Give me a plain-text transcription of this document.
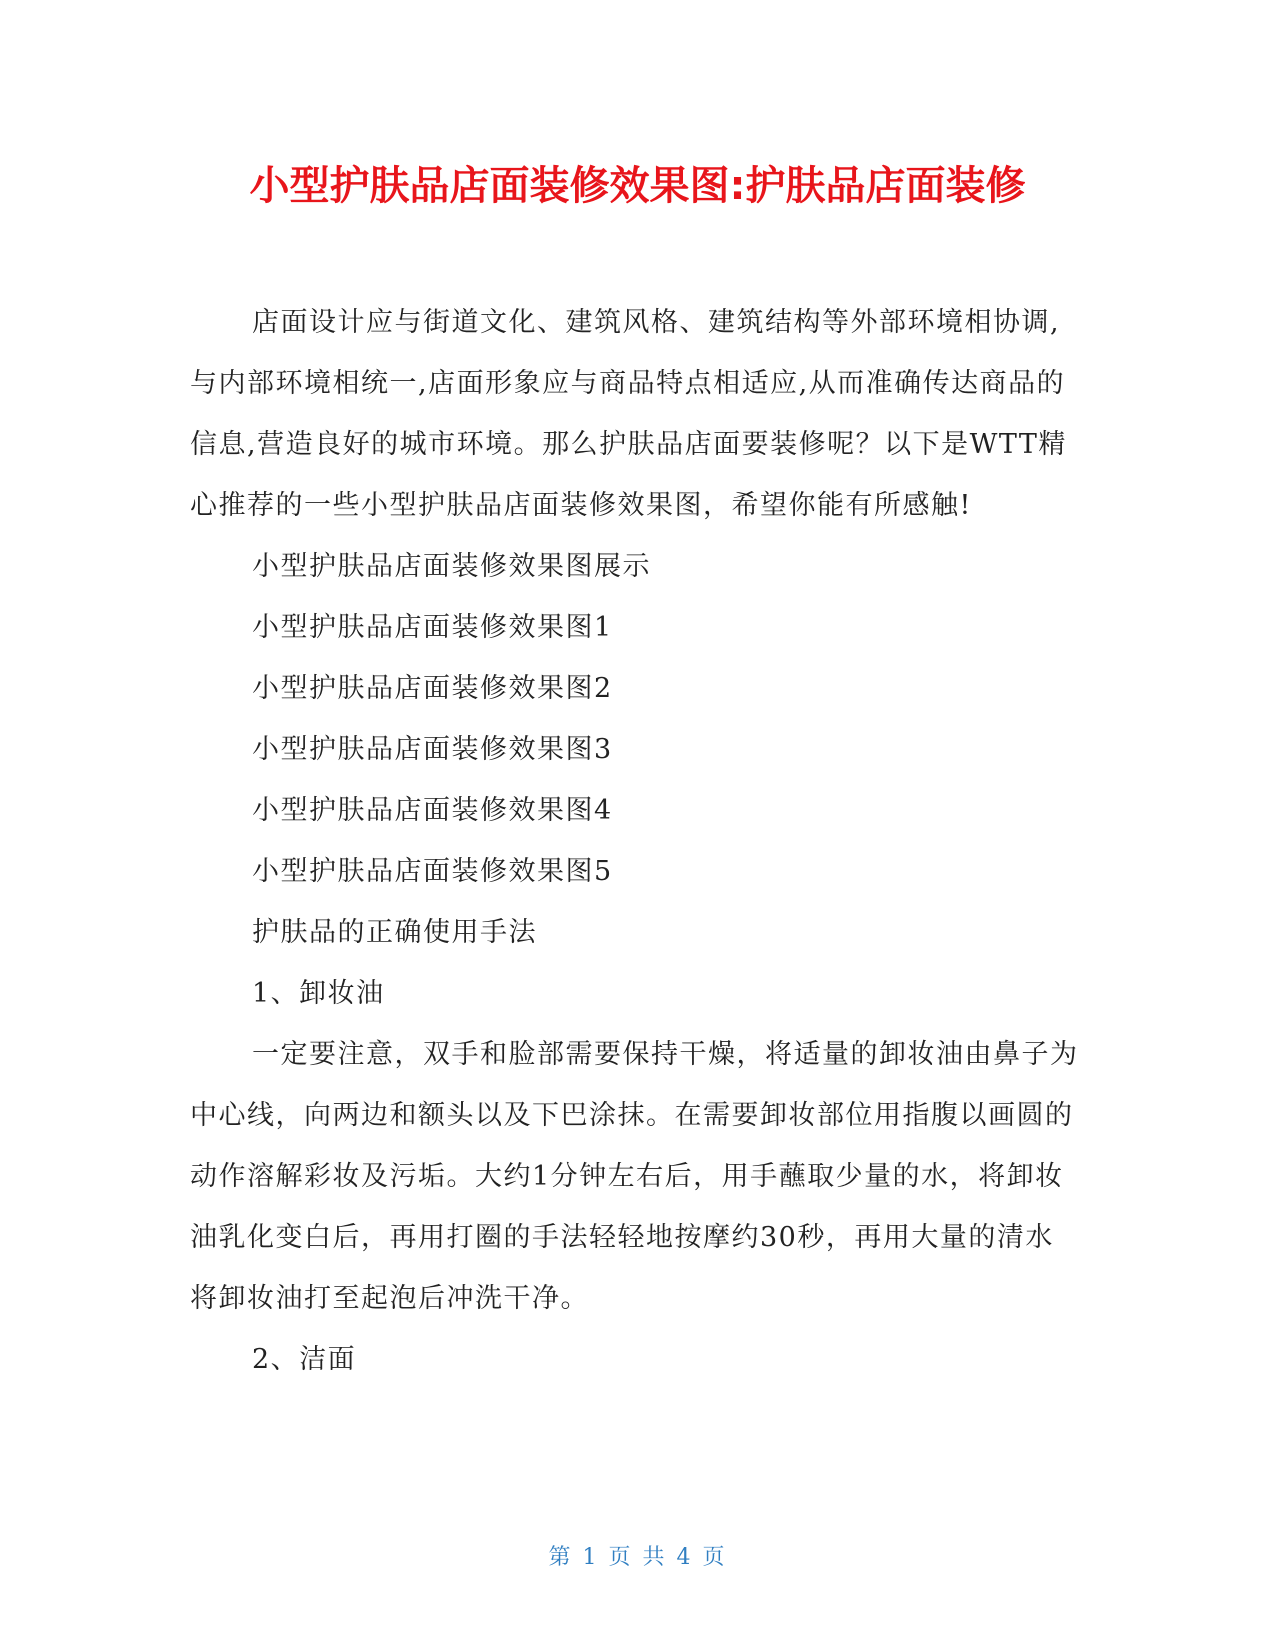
小型护肤品店面装修效果图:护肤品店面装修

店面设计应与街道文化、建筑风格、建筑结构等外部环境相协调,与内部环境相统一,店面形象应与商品特点相适应,从而准确传达商品的信息,营造良好的城市环境。那么护肤品店面要装修呢？以下是WTT精心推荐的一些小型护肤品店面装修效果图，希望你能有所感触!

小型护肤品店面装修效果图展示

小型护肤品店面装修效果图1

小型护肤品店面装修效果图2

小型护肤品店面装修效果图3

小型护肤品店面装修效果图4

小型护肤品店面装修效果图5

护肤品的正确使用手法

1、卸妆油

一定要注意，双手和脸部需要保持干燥，将适量的卸妆油由鼻子为中心线，向两边和额头以及下巴涂抹。在需要卸妆部位用指腹以画圆的动作溶解彩妆及污垢。大约1分钟左右后，用手蘸取少量的水，将卸妆油乳化变白后，再用打圈的手法轻轻地按摩约30秒，再用大量的清水将卸妆油打至起泡后冲洗干净。

2、洁面

第 1 页 共 4 页
